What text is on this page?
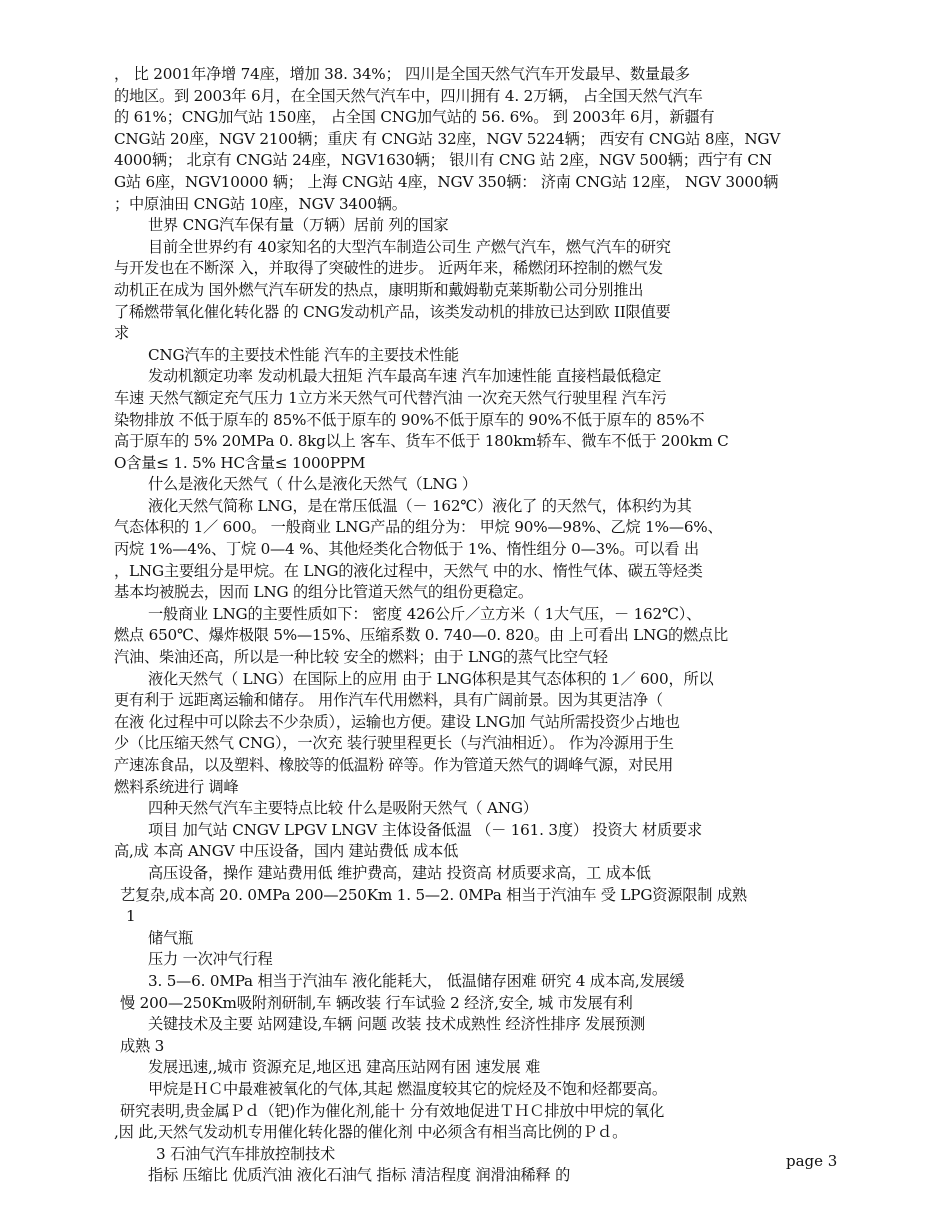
， 比 2001年净增 74座，增加 38. 34%； 四川是全国天然气汽车开发最早、数量最多
的地区。到 2003年 6月，在全国天然气汽车中，四川拥有 4. 2万辆， 占全国天然气汽车
的 61%；CNG加气站 150座， 占全国 CNG加气站的 56. 6%。 到 2003年 6月，新疆有
CNG站 20座，NGV 2100辆；重庆 有 CNG站 32座，NGV 5224辆； 西安有 CNG站 8座，NGV
4000辆； 北京有 CNG站 24座，NGV1630辆； 银川有 CNG 站 2座，NGV 500辆；西宁有 CN
G站 6座，NGV10000 辆； 上海 CNG站 4座，NGV 350辆： 济南 CNG站 12座， NGV 3000辆
；中原油田 CNG站 10座，NGV 3400辆。
世界 CNG汽车保有量（万辆）居前 列的国家
目前全世界约有 40家知名的大型汽车制造公司生 产燃气汽车，燃气汽车的研究
与开发也在不断深 入，并取得了突破性的进步。 近两年来，稀燃闭环控制的燃气发
动机正在成为 国外燃气汽车研发的热点，康明斯和戴姆勒克莱斯勒公司分别推出
了稀燃带氧化催化转化器 的 CNG发动机产品，该类发动机的排放已达到欧 II限值要
求
CNG汽车的主要技术性能 汽车的主要技术性能
发动机额定功率 发动机最大扭矩 汽车最高车速 汽车加速性能 直接档最低稳定
车速 天然气额定充气压力 1立方米天然气可代替汽油 一次充天然气行驶里程 汽车污
染物排放 不低于原车的 85%不低于原车的 90%不低于原车的 90%不低于原车的 85%不
高于原车的 5% 20MPa 0. 8kg以上 客车、货车不低于 180km轿车、微车不低于 200km C
O含量≤ 1. 5% HC含量≤ 1000PPM
什么是液化天然气（ 什么是液化天然气（LNG ）
液化天然气简称 LNG，是在常压低温（－ 162℃）液化了 的天然气，体积约为其
气态体积的 1／ 600。 一般商业 LNG产品的组分为： 甲烷 90%—98%、乙烷 1%—6%、
丙烷 1%—4%、丁烷 0—4 %、其他烃类化合物低于 1%、惰性组分 0—3%。可以看 出
，LNG主要组分是甲烷。在 LNG的液化过程中，天然气 中的水、惰性气体、碳五等烃类
基本均被脱去，因而 LNG 的组分比管道天然气的组份更稳定。
一般商业 LNG的主要性质如下： 密度 426公斤／立方米（ 1大气压，－ 162℃）、
燃点 650℃、爆炸极限 5%—15%、压缩系数 0. 740—0. 820。由 上可看出 LNG的燃点比
汽油、柴油还高，所以是一种比较 安全的燃料；由于 LNG的蒸气比空气轻
液化天然气（ LNG）在国际上的应用 由于 LNG体积是其气态体积的 1／ 600，所以
更有利于 远距离运输和储存。 用作汽车代用燃料，具有广阔前景。因为其更洁净（
在液 化过程中可以除去不少杂质），运输也方便。建设 LNG加 气站所需投资少占地也
少（比压缩天然气 CNG），一次充 装行驶里程更长（与汽油相近）。 作为冷源用于生
产速冻食品，以及塑料、橡胶等的低温粉 碎等。作为管道天然气的调峰气源，对民用
燃料系统进行 调峰
四种天然气汽车主要特点比较 什么是吸附天然气（ ANG）
项目 加气站 CNGV LPGV LNGV 主体设备低温 （－ 161. 3度） 投资大 材质要求
高,成 本高 ANGV 中压设备，国内 建站费低 成本低
高压设备，操作 建站费用低 维护费高，建站 投资高 材质要求高，工 成本低
艺复杂,成本高 20. 0MPa 200—250Km 1. 5—2. 0MPa 相当于汽油车 受 LPG资源限制 成熟
1
储气瓶
压力 一次冲气行程
3. 5—6. 0MPa 相当于汽油车 液化能耗大， 低温储存困难 研究 4 成本高,发展缓
慢 200—250Km吸附剂研制,车 辆改装 行车试验 2 经济,安全, 城 市发展有利
关键技术及主要 站网建设,车辆 问题 改装 技术成熟性 经济性排序 发展预测
成熟 3
发展迅速,,城市 资源充足,地区迅 建高压站网有困 速发展 难
甲烷是ＨＣ中最难被氧化的气体,其起 燃温度较其它的烷烃及不饱和烃都要高。
研究表明,贵金属Ｐｄ（钯)作为催化剂,能十 分有效地促进ＴＨＣ排放中甲烷的氧化
,因 此,天然气发动机专用催化转化器的催化剂 中必须含有相当高比例的Ｐｄ。
3 石油气汽车排放控制技术
指标 压缩比 优质汽油 液化石油气 指标 清洁程度 润滑油稀释 的
page 3
